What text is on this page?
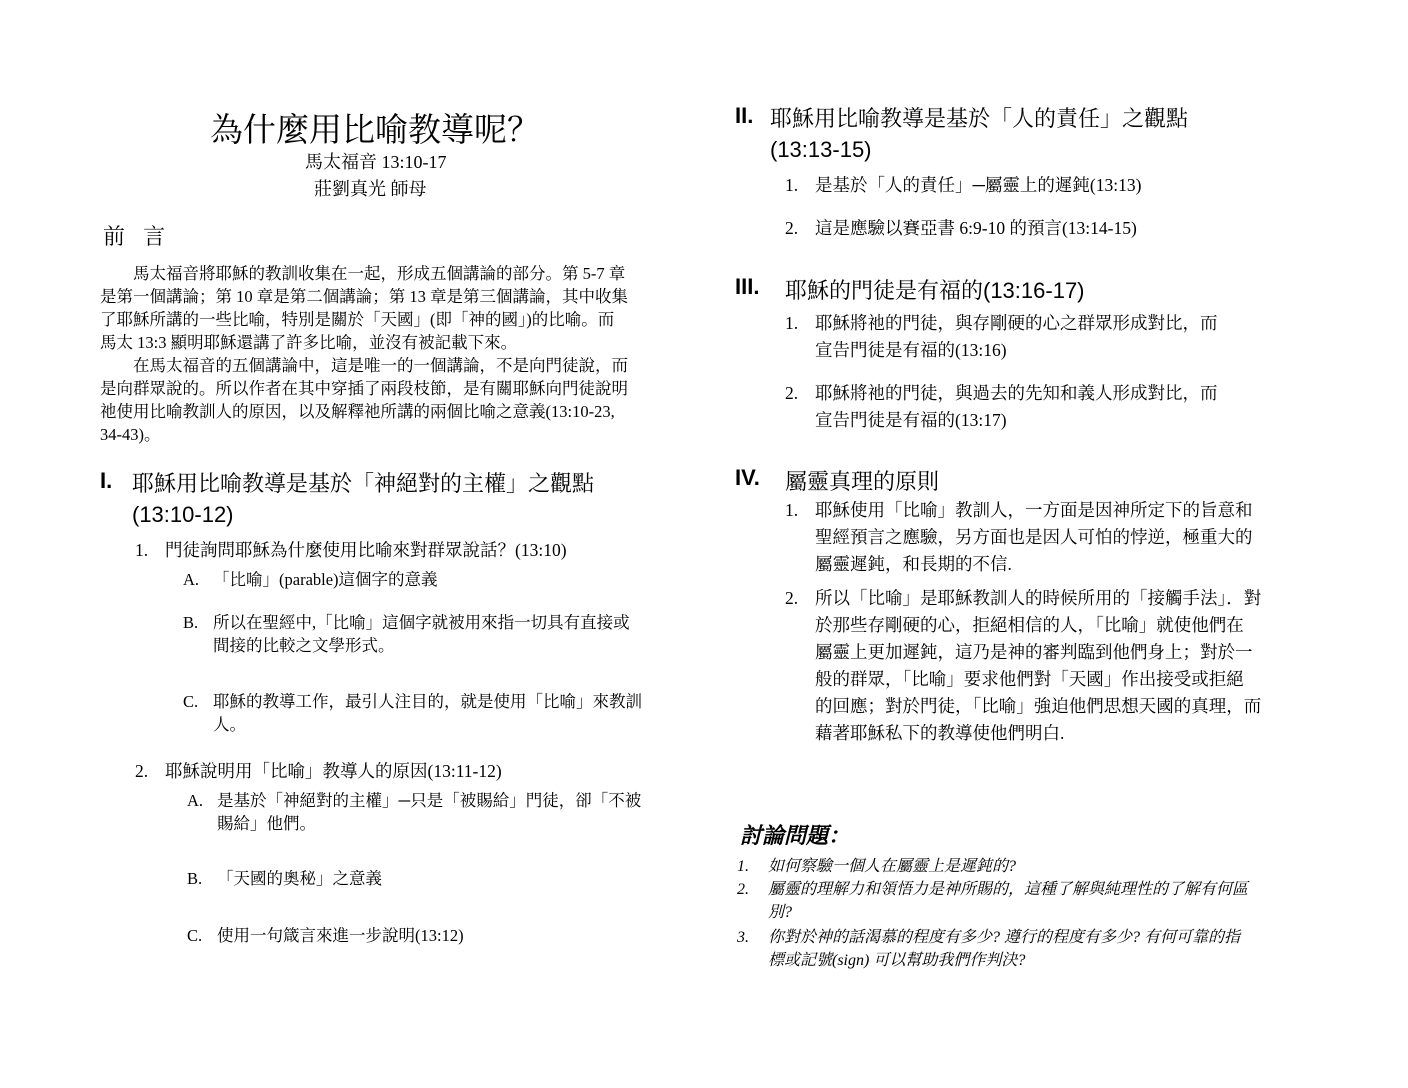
為什麼用比喻教導呢？
馬太福音 13:10-17
莊劉真光 師母
前 言
　　馬太福音將耶穌的教訓收集在一起，形成五個講論的部分。第 5-7 章
是第一個講論；第 10 章是第二個講論；第 13 章是第三個講論，其中收集
了耶穌所講的一些比喻，特別是關於「天國」(即「神的國」)的比喻。而
馬太 13:3 顯明耶穌還講了許多比喻，並沒有被記載下來。
　　在馬太福音的五個講論中，這是唯一的一個講論，不是向門徒說，而
是向群眾說的。所以作者在其中穿插了兩段枝節，是有關耶穌向門徒說明
祂使用比喻教訓人的原因，以及解釋祂所講的兩個比喻之意義(13:10-23,
34-43)。
I. 耶穌用比喻教導是基於「神絕對的主權」之觀點
(13:10-12)
1. 門徒詢問耶穌為什麼使用比喻來對群眾說話？(13:10)
A. 「比喻」(parable)這個字的意義
B. 所以在聖經中,「比喻」這個字就被用來指一切具有直接或
間接的比較之文學形式。
C. 耶穌的教導工作，最引人注目的，就是使用「比喻」來教訓
人。
2. 耶穌說明用「比喻」教導人的原因(13:11-12)
A. 是基於「神絕對的主權」─只是「被賜給」門徒，卻「不被
賜給」他們。
B. 「天國的奧秘」之意義
C. 使用一句箴言來進一步說明(13:12)
II. 耶穌用比喻教導是基於「人的責任」之觀點
(13:13-15)
1. 是基於「人的責任」─屬靈上的遲鈍(13:13)
2. 這是應驗以賽亞書 6:9-10 的預言(13:14-15)
III. 耶穌的門徒是有福的(13:16-17)
1. 耶穌將祂的門徒，與存剛硬的心之群眾形成對比，而
宣告門徒是有福的(13:16)
2. 耶穌將祂的門徒，與過去的先知和義人形成對比，而
宣告門徒是有福的(13:17)
IV. 屬靈真理的原則
1. 耶穌使用「比喻」教訓人，一方面是因神所定下的旨意和
聖經預言之應驗，另方面也是因人可怕的悖逆，極重大的
屬靈遲鈍，和長期的不信.
2. 所以「比喻」是耶穌教訓人的時候所用的「接觸手法」．對
於那些存剛硬的心，拒絕相信的人，「比喻」就使他們在
屬靈上更加遲鈍，這乃是神的審判臨到他們身上；對於一
般的群眾，「比喻」要求他們對「天國」作出接受或拒絕
的回應；對於門徒，「比喻」強迫他們思想天國的真理，而
藉著耶穌私下的教導使他們明白.
討論問題：
1. 如何察驗一個人在屬靈上是遲鈍的?
2. 屬靈的理解力和領悟力是神所賜的，這種了解與純理性的了解有何區
別?
3. 你對於神的話渴慕的程度有多少? 遵行的程度有多少? 有何可靠的指
標或記號(sign) 可以幫助我們作判決?
